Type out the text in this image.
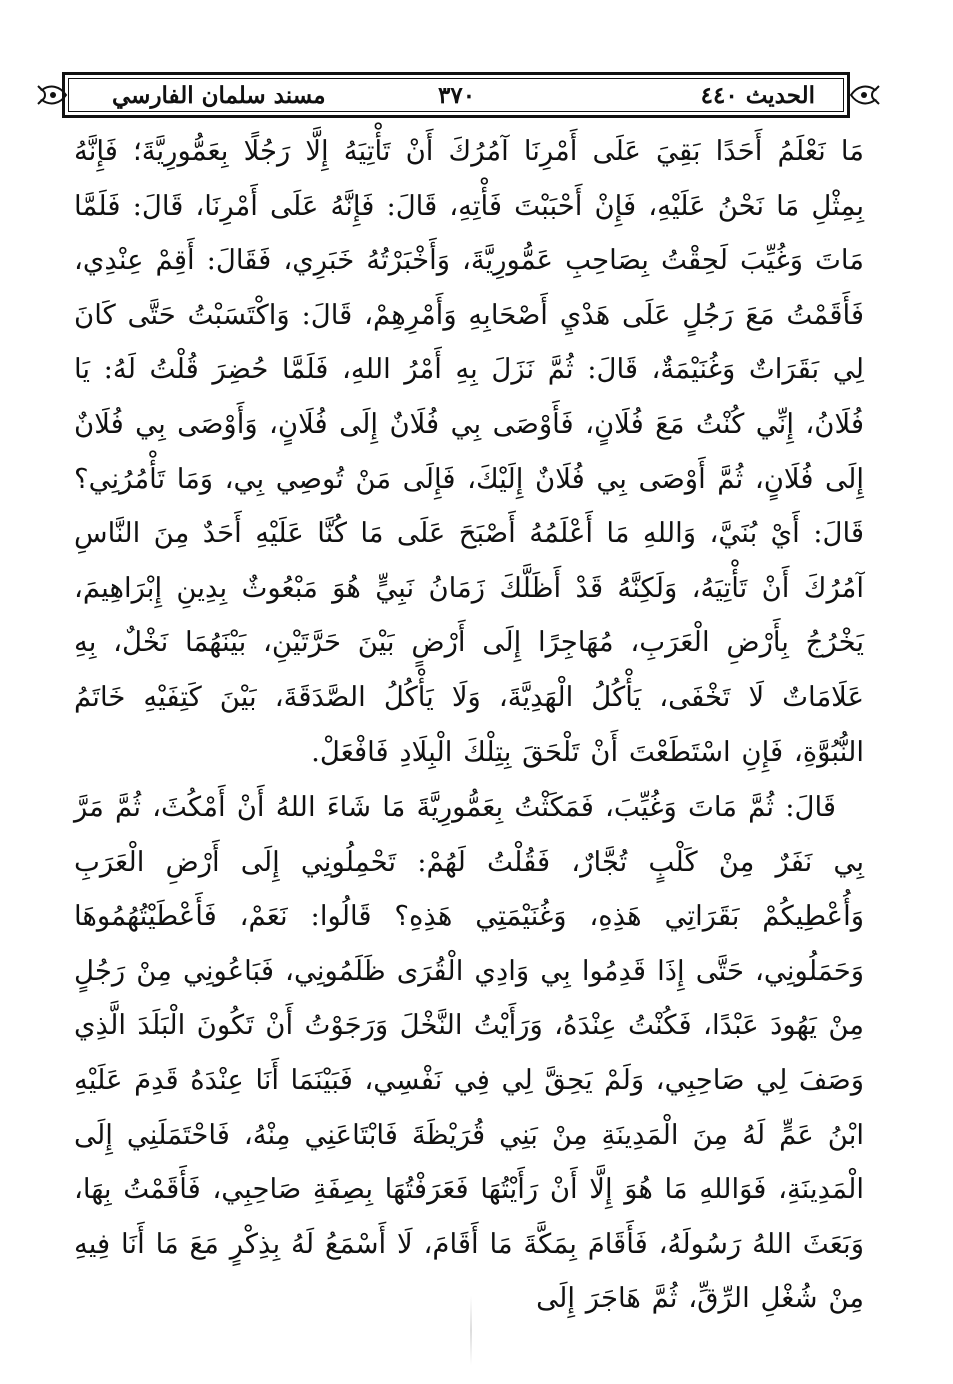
الحديث ٤٤٠
٣٧٠
مسند سلمان الفارسي

مَا نَعْلَمُ أَحَدًا بَقِيَ عَلَى أَمْرِنَا آمُرُكَ أَنْ تَأْتِيَهُ إِلَّا رَجُلًا بِعَمُّورِيَّةَ؛ فَإِنَّهُ بِمِثْلِ مَا نَحْنُ عَلَيْهِ، فَإِنْ أَحْبَبْتَ فَأْتِهِ، قَالَ: فَإِنَّهُ عَلَى أَمْرِنَا، قَالَ: فَلَمَّا مَاتَ وَغُيِّبَ لَحِقْتُ بِصَاحِبِ عَمُّورِيَّةَ، وَأَخْبَرْتُهُ خَبَرِي، فَقَالَ: أَقِمْ عِنْدِي، فَأَقَمْتُ مَعَ رَجُلٍ عَلَى هَدْيِ أَصْحَابِهِ وَأَمْرِهِمْ، قَالَ: وَاكْتَسَبْتُ حَتَّى كَانَ لِي بَقَرَاتٌ وَغُنَيْمَةٌ، قَالَ: ثُمَّ نَزَلَ بِهِ أَمْرُ اللهِ، فَلَمَّا حُضِرَ قُلْتُ لَهُ: يَا فُلَانُ، إِنِّي كُنْتُ مَعَ فُلَانٍ، فَأَوْصَى بِي فُلَانٌ إِلَى فُلَانٍ، وَأَوْصَى بِي فُلَانٌ إِلَى فُلَانٍ، ثُمَّ أَوْصَى بِي فُلَانٌ إِلَيْكَ، فَإِلَى مَنْ تُوصِي بِي، وَمَا تَأْمُرُنِي؟ قَالَ: أَيْ بُنَيَّ، وَاللهِ مَا أَعْلَمُهُ أَصْبَحَ عَلَى مَا كُنَّا عَلَيْهِ أَحَدٌ مِنَ النَّاسِ آمُرُكَ أَنْ تَأْتِيَهُ، وَلَكِنَّهُ قَدْ أَظَلَّكَ زَمَانُ نَبِيٍّ هُوَ مَبْعُوثٌ بِدِينِ إِبْرَاهِيمَ، يَخْرُجُ بِأَرْضِ الْعَرَبِ، مُهَاجِرًا إِلَى أَرْضٍ بَيْنَ حَرَّتَيْنِ، بَيْنَهُمَا نَخْلٌ، بِهِ عَلَامَاتٌ لَا تَخْفَى، يَأْكُلُ الْهَدِيَّةَ، وَلَا يَأْكُلُ الصَّدَقَةَ، بَيْنَ كَتِفَيْهِ خَاتَمُ النُّبُوَّةِ، فَإِنِ اسْتَطَعْتَ أَنْ تَلْحَقَ بِتِلْكَ الْبِلَادِ فَافْعَلْ.

قَالَ: ثُمَّ مَاتَ وَغُيِّبَ، فَمَكَثْتُ بِعَمُّورِيَّةَ مَا شَاءَ اللهُ أَنْ أَمْكُثَ، ثُمَّ مَرَّ بِي نَفَرٌ مِنْ كَلْبٍ تُجَّارٌ، فَقُلْتُ لَهُمْ: تَحْمِلُونِي إِلَى أَرْضِ الْعَرَبِ وَأُعْطِيكُمْ بَقَرَاتِي هَذِهِ، وَغُنَيْمَتِي هَذِهِ؟ قَالُوا: نَعَمْ، فَأَعْطَيْتُهُمُوهَا وَحَمَلُونِي، حَتَّى إِذَا قَدِمُوا بِي وَادِي الْقُرَى ظَلَمُونِي، فَبَاعُونِي مِنْ رَجُلٍ مِنْ يَهُودَ عَبْدًا، فَكُنْتُ عِنْدَهُ، وَرَأَيْتُ النَّخْلَ وَرَجَوْتُ أَنْ تَكُونَ الْبَلَدَ الَّذِي وَصَفَ لِي صَاحِبِي، وَلَمْ يَحِقَّ لِي فِي نَفْسِي، فَبَيْنَمَا أَنَا عِنْدَهُ قَدِمَ عَلَيْهِ ابْنُ عَمٍّ لَهُ مِنَ الْمَدِينَةِ مِنْ بَنِي قُرَيْظَةَ فَابْتَاعَنِي مِنْهُ، فَاحْتَمَلَنِي إِلَى الْمَدِينَةِ، فَوَاللهِ مَا هُوَ إِلَّا أَنْ رَأَيْتُهَا فَعَرَفْتُهَا بِصِفَةِ صَاحِبِي، فَأَقَمْتُ بِهَا، وَبَعَثَ اللهُ رَسُولَهُ، فَأَقَامَ بِمَكَّةَ مَا أَقَامَ، لَا أَسْمَعُ لَهُ بِذِكْرٍ مَعَ مَا أَنَا فِيهِ مِنْ شُغْلِ الرِّقِّ، ثُمَّ هَاجَرَ إِلَى
